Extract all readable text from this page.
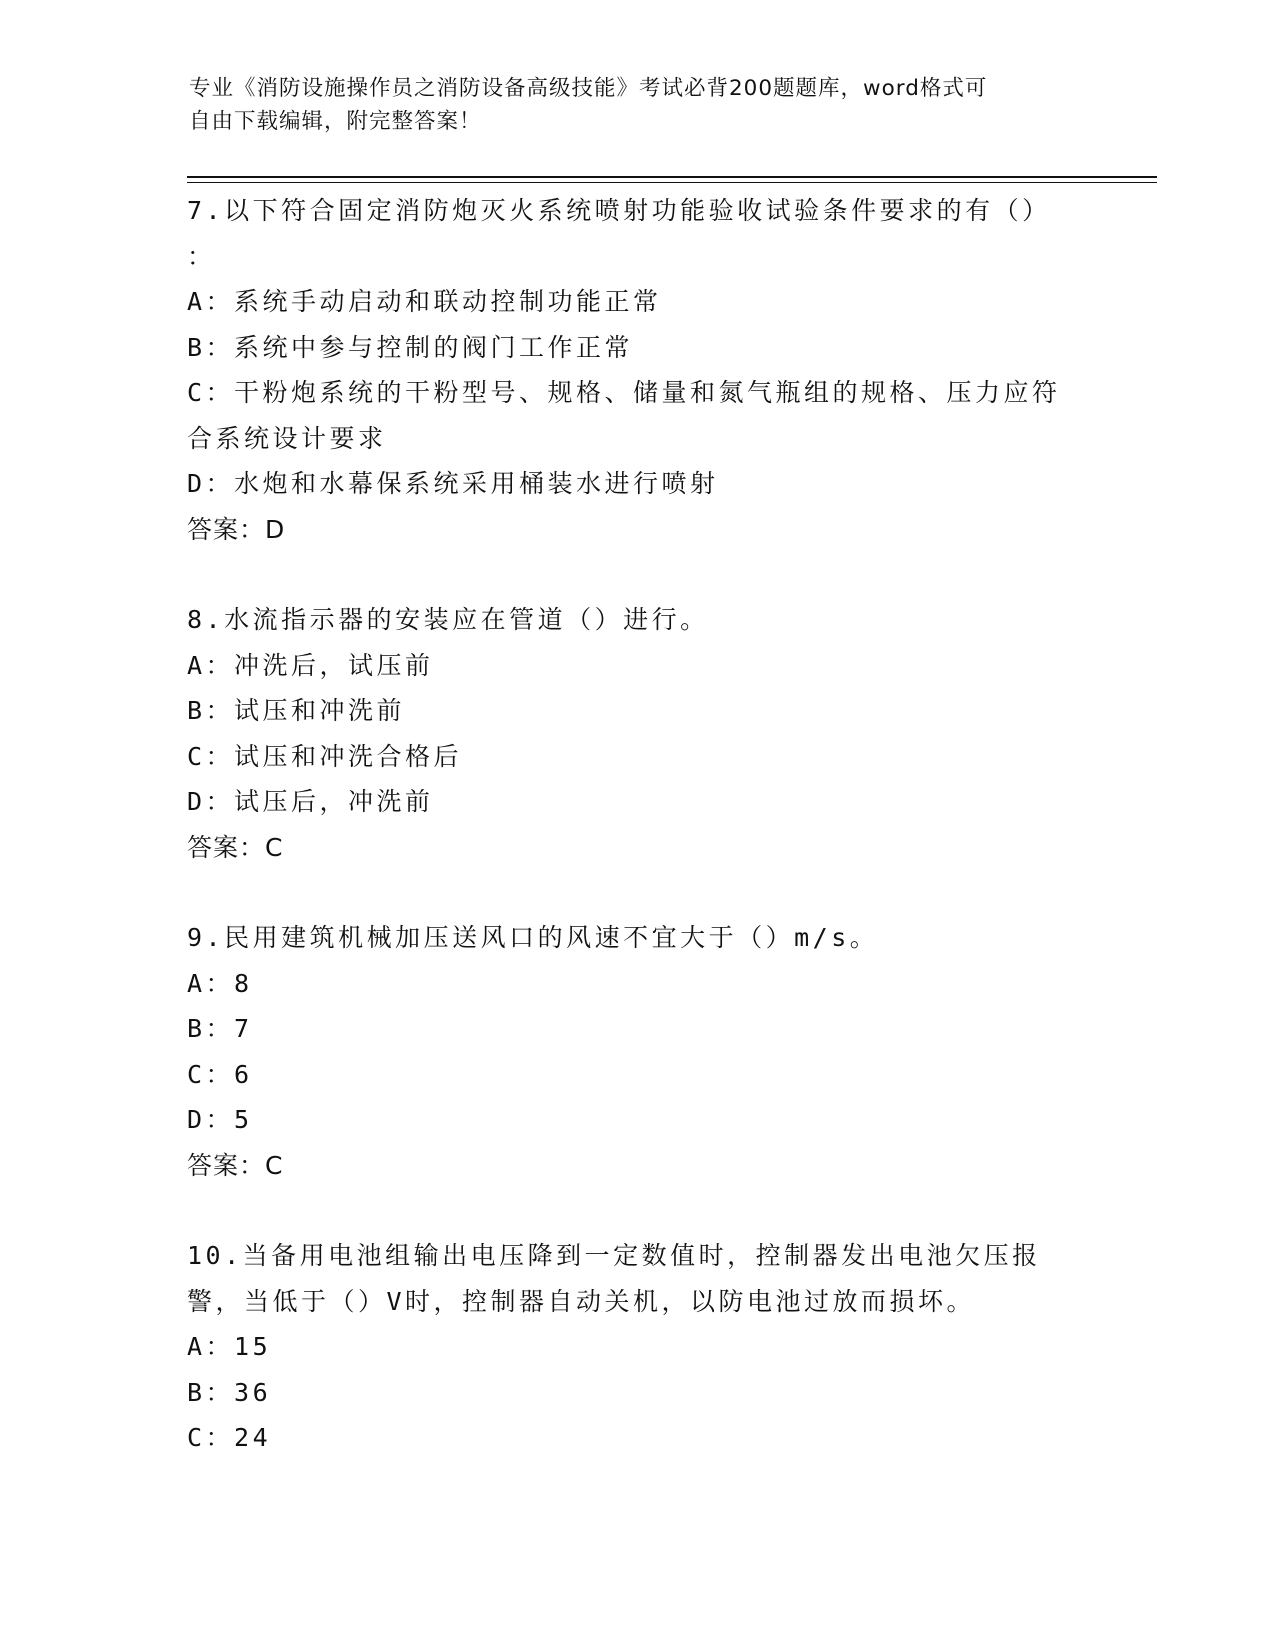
专业《消防设施操作员之消防设备高级技能》考试必背200题题库，word格式可
自由下载编辑，附完整答案！
7.以下符合固定消防炮灭火系统喷射功能验收试验条件要求的有（）
：
A：系统手动启动和联动控制功能正常
B：系统中参与控制的阀门工作正常
C：干粉炮系统的干粉型号、规格、储量和氮气瓶组的规格、压力应符合系统设计要求
D：水炮和水幕保系统采用桶装水进行喷射
答案：D
8.水流指示器的安装应在管道（）进行。
A：冲洗后，试压前
B：试压和冲洗前
C：试压和冲洗合格后
D：试压后，冲洗前
答案：C
9.民用建筑机械加压送风口的风速不宜大于（）m/s。
A：8
B：7
C：6
D：5
答案：C
10.当备用电池组输出电压降到一定数值时，控制器发出电池欠压报警，当低于（）V时，控制器自动关机，以防电池过放而损坏。
A：15
B：36
C：24
